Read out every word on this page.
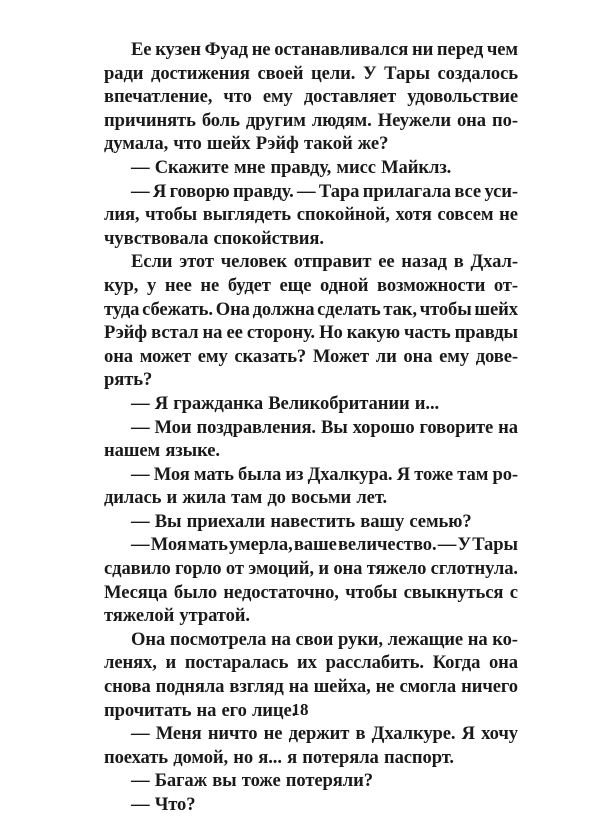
Ее кузен Фуад не останавливался ни перед чем
ради достижения своей цели. У Тары создалось
впечатление, что ему доставляет удовольствие
причинять боль другим людям. Неужели она по-
думала, что шейх Рэйф такой же?
— Скажите мне правду, мисс Майклз.
— Я говорю правду. — Тара прилагала все уси-
лия, чтобы выглядеть спокойной, хотя совсем не
чувствовала спокойствия.
Если этот человек отправит ее назад в Дхал-
кур, у нее не будет еще одной возможности от-
туда сбежать. Она должна сделать так, чтобы шейх
Рэйф встал на ее сторону. Но какую часть правды
она может ему сказать? Может ли она ему дове-
рять?
— Я гражданка Великобритании и...
— Мои поздравления. Вы хорошо говорите на
нашем языке.
— Моя мать была из Дхалкура. Я тоже там ро-
дилась и жила там до восьми лет.
— Вы приехали навестить вашу семью?
— Моя мать умерла, ваше величество. — У Тары
сдавило горло от эмоций, и она тяжело сглотнула.
Месяца было недостаточно, чтобы свыкнуться с
тяжелой утратой.
Она посмотрела на свои руки, лежащие на ко-
ленях, и постаралась их расслабить. Когда она
снова подняла взгляд на шейха, не смогла ничего
прочитать на его лице.
— Меня ничто не держит в Дхалкуре. Я хочу
поехать домой, но я... я потеряла паспорт.
— Багаж вы тоже потеряли?
— Что?
18
